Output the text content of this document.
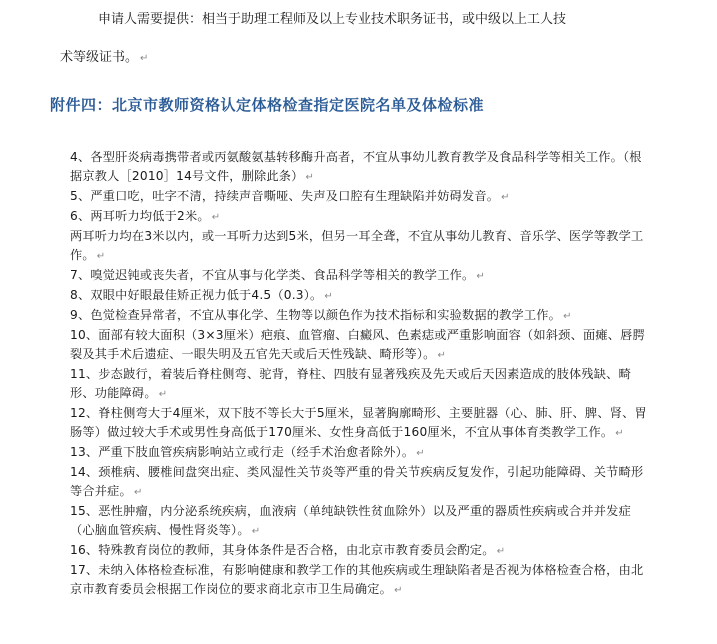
申请人需要提供：相当于助理工程师及以上专业技术职务证书，或中级以上工人技
术等级证书。 ↵
附件四：北京市教师资格认定体格检查指定医院名单及体检标准

4、各型肝炎病毒携带者或丙氨酸氨基转移酶升高者，不宜从事幼儿教育教学及食品科学等相关工作。（根据京教人［2010］14号文件，删除此条） ↵

5、严重口吃，吐字不清，持续声音嘶哑、失声及口腔有生理缺陷并妨碍发音。 ↵

6、两耳听力均低于2米。 ↵

两耳听力均在3米以内，或一耳听力达到5米，但另一耳全聋，不宜从事幼儿教育、音乐学、医学等教学工作。 ↵

7、嗅觉迟钝或丧失者，不宜从事与化学类、食品科学等相关的教学工作。 ↵

8、双眼中好眼最佳矫正视力低于4.5（0.3）。 ↵

9、色觉检查异常者，不宜从事化学、生物等以颜色作为技术指标和实验数据的教学工作。 ↵

10、面部有较大面积（3×3厘米）疤痕、血管瘤、白癜风、色素痣或严重影响面容（如斜颈、面瘫、唇腭裂及其手术后遗症、一眼失明及五官先天或后天性残缺、畸形等）。 ↵

11、步态跛行，着装后脊柱侧弯、驼背，脊柱、四肢有显著残疾及先天或后天因素造成的肢体残缺、畸形、功能障碍。 ↵

12、脊柱侧弯大于4厘米，双下肢不等长大于5厘米，显著胸廓畸形、主要脏器（心、肺、肝、脾、肾、胃肠等）做过较大手术或男性身高低于170厘米、女性身高低于160厘米，不宜从事体育类教学工作。 ↵

13、严重下肢血管疾病影响站立或行走（经手术治愈者除外）。 ↵

14、颈椎病、腰椎间盘突出症、类风湿性关节炎等严重的骨关节疾病反复发作，引起功能障碍、关节畸形等合并症。 ↵

15、恶性肿瘤，内分泌系统疾病，血液病（单纯缺铁性贫血除外）以及严重的器质性疾病或合并并发症（心脑血管疾病、慢性肾炎等）。 ↵

16、特殊教育岗位的教师，其身体条件是否合格，由北京市教育委员会酌定。 ↵

17、未纳入体格检查标准，有影响健康和教学工作的其他疾病或生理缺陷者是否视为体格检查合格，由北京市教育委员会根据工作岗位的要求商北京市卫生局确定。 ↵
